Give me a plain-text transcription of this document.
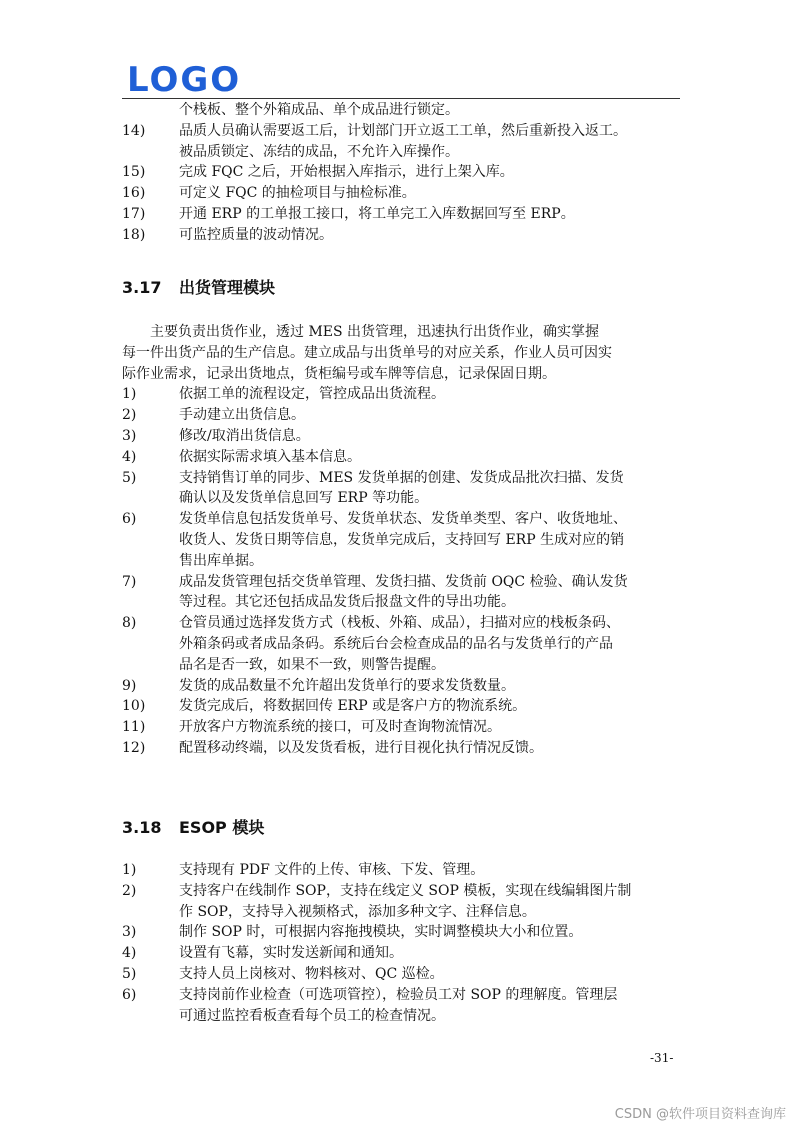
LOGO
个栈板、整个外箱成品、单个成品进行锁定。
14)	品质人员确认需要返工后，计划部门开立返工工单，然后重新投入返工。
被品质锁定、冻结的成品，不允许入库操作。
15)	完成 FQC 之后，开始根据入库指示，进行上架入库。
16)	可定义 FQC 的抽检项目与抽检标准。
17)	开通 ERP 的工单报工接口，将工单完工入库数据回写至 ERP。
18)	可监控质量的波动情况。
3.17 出货管理模块
主要负责出货作业，透过 MES 出货管理，迅速执行出货作业，确实掌握
每一件出货产品的生产信息。建立成品与出货单号的对应关系，作业人员可因实
际作业需求，记录出货地点，货柜编号或车牌等信息，记录保固日期。
1)	依据工单的流程设定，管控成品出货流程。
2)	手动建立出货信息。
3)	修改/取消出货信息。
4)	依据实际需求填入基本信息。
5)	支持销售订单的同步、MES 发货单据的创建、发货成品批次扫描、发货
确认以及发货单信息回写 ERP 等功能。
6)	发货单信息包括发货单号、发货单状态、发货单类型、客户、收货地址、
收货人、发货日期等信息，发货单完成后，支持回写 ERP 生成对应的销
售出库单据。
7)	成品发货管理包括交货单管理、发货扫描、发货前 OQC 检验、确认发货
等过程。其它还包括成品发货后报盘文件的导出功能。
8)	仓管员通过选择发货方式（栈板、外箱、成品），扫描对应的栈板条码、
外箱条码或者成品条码。系统后台会检查成品的品名与发货单行的产品
品名是否一致，如果不一致，则警告提醒。
9)	发货的成品数量不允许超出发货单行的要求发货数量。
10)	发货完成后，将数据回传 ERP 或是客户方的物流系统。
11)	开放客户方物流系统的接口，可及时查询物流情况。
12)	配置移动终端，以及发货看板，进行目视化执行情况反馈。
3.18 ESOP 模块
1)	支持现有 PDF 文件的上传、审核、下发、管理。
2)	支持客户在线制作 SOP，支持在线定义 SOP 模板，实现在线编辑图片制
作 SOP，支持导入视频格式，添加多种文字、注释信息。
3)	制作 SOP 时，可根据内容拖拽模块，实时调整模块大小和位置。
4)	设置有飞幕，实时发送新闻和通知。
5)	支持人员上岗核对、物料核对、QC 巡检。
6)	支持岗前作业检查（可选项管控），检验员工对 SOP 的理解度。管理层
可通过监控看板查看每个员工的检查情况。
-31-
CSDN @软件项目资料查询库
